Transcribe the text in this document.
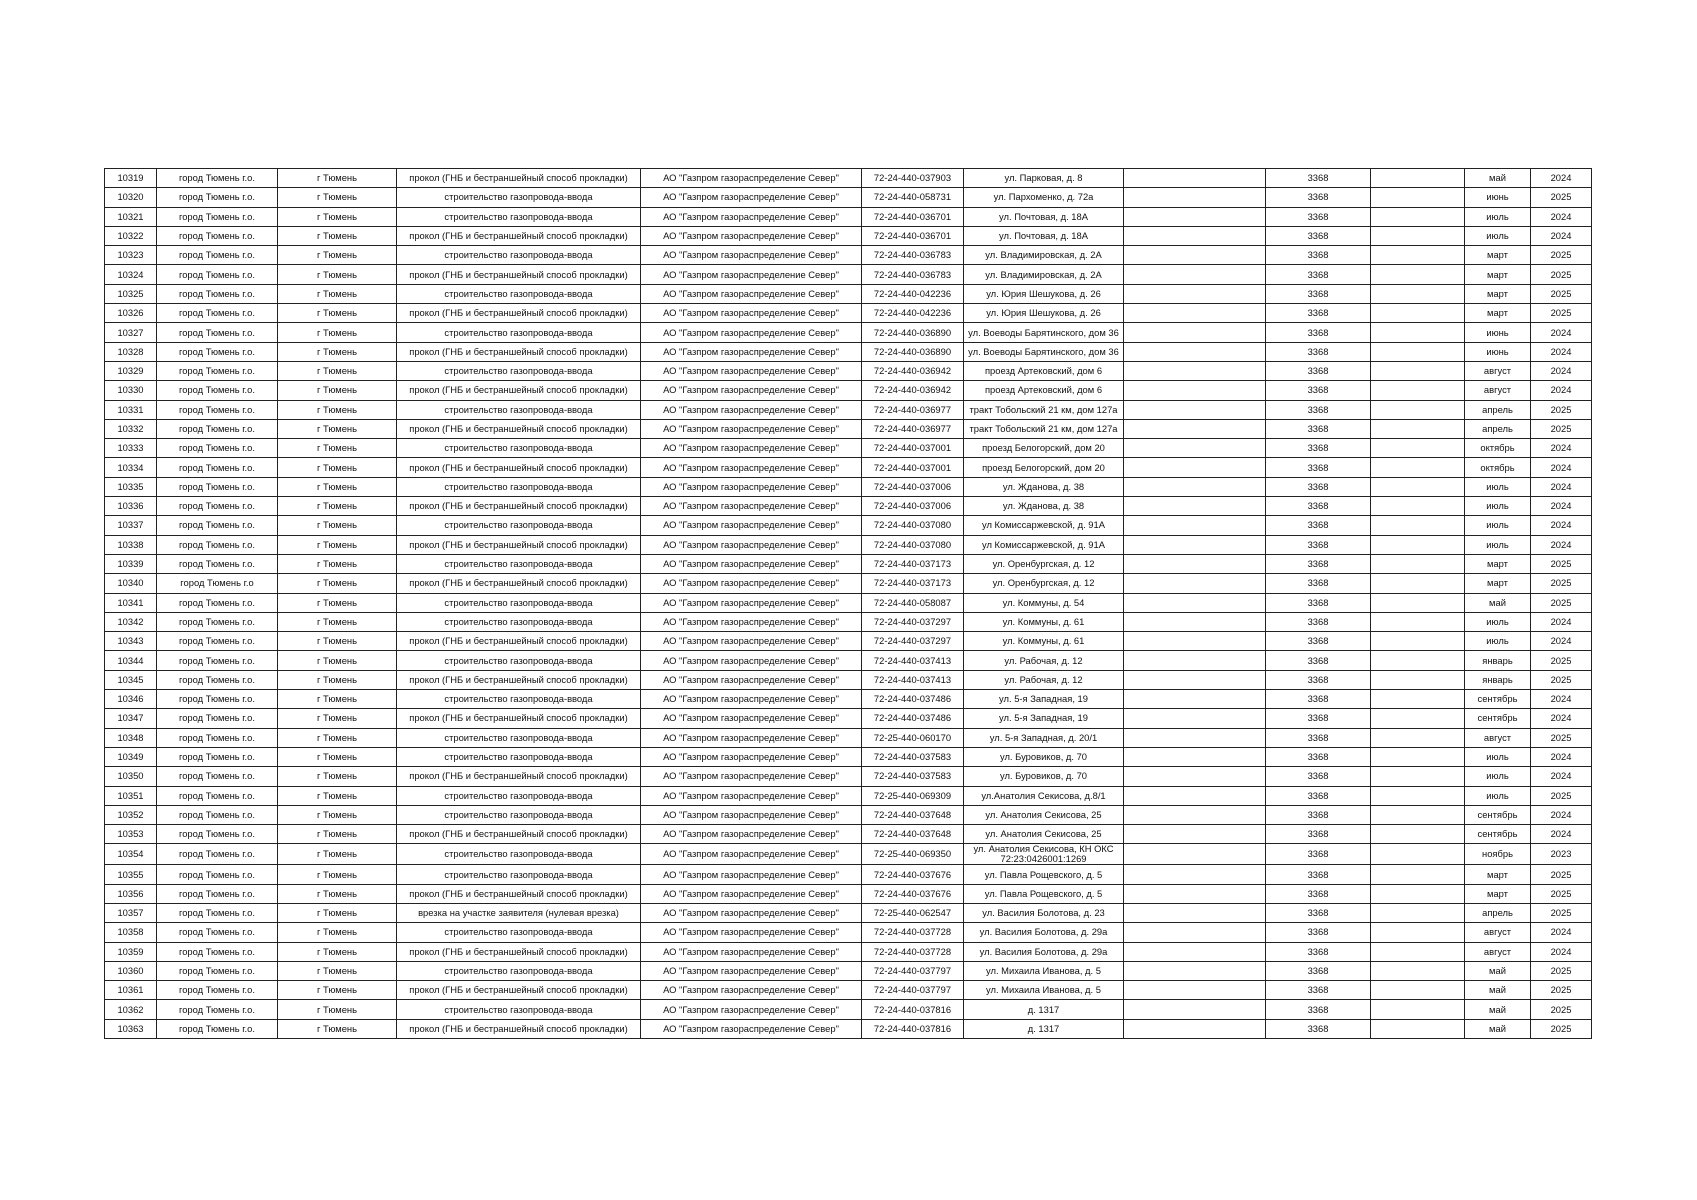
10319	город Тюмень г.о.	г Тюмень	прокол (ГНБ и бестраншейный способ прокладки)	АО "Газпром газораспределение Север"	72-24-440-037903	ул. Парковая, д. 8		3368		май	2024
10320	город Тюмень г.о.	г Тюмень	строительство газопровода-ввода	АО "Газпром газораспределение Север"	72-24-440-058731	ул. Пархоменко, д. 72а		3368		июнь	2025
10321	город Тюмень г.о.	г Тюмень	строительство газопровода-ввода	АО "Газпром газораспределение Север"	72-24-440-036701	ул. Почтовая, д. 18А		3368		июль	2024
10322	город Тюмень г.о.	г Тюмень	прокол (ГНБ и бестраншейный способ прокладки)	АО "Газпром газораспределение Север"	72-24-440-036701	ул. Почтовая, д. 18А		3368		июль	2024
10323	город Тюмень г.о.	г Тюмень	строительство газопровода-ввода	АО "Газпром газораспределение Север"	72-24-440-036783	ул. Владимировская, д. 2А		3368		март	2025
10324	город Тюмень г.о.	г Тюмень	прокол (ГНБ и бестраншейный способ прокладки)	АО "Газпром газораспределение Север"	72-24-440-036783	ул. Владимировская, д. 2А		3368		март	2025
10325	город Тюмень г.о.	г Тюмень	строительство газопровода-ввода	АО "Газпром газораспределение Север"	72-24-440-042236	ул. Юрия Шешукова, д. 26		3368		март	2025
10326	город Тюмень г.о.	г Тюмень	прокол (ГНБ и бестраншейный способ прокладки)	АО "Газпром газораспределение Север"	72-24-440-042236	ул. Юрия Шешукова, д. 26		3368		март	2025
10327	город Тюмень г.о.	г Тюмень	строительство газопровода-ввода	АО "Газпром газораспределение Север"	72-24-440-036890	ул. Воеводы Барятинского, дом 36		3368		июнь	2024
10328	город Тюмень г.о.	г Тюмень	прокол (ГНБ и бестраншейный способ прокладки)	АО "Газпром газораспределение Север"	72-24-440-036890	ул. Воеводы Барятинского, дом 36		3368		июнь	2024
10329	город Тюмень г.о.	г Тюмень	строительство газопровода-ввода	АО "Газпром газораспределение Север"	72-24-440-036942	проезд Артековский, дом 6		3368		август	2024
10330	город Тюмень г.о.	г Тюмень	прокол (ГНБ и бестраншейный способ прокладки)	АО "Газпром газораспределение Север"	72-24-440-036942	проезд Артековский, дом 6		3368		август	2024
10331	город Тюмень г.о.	г Тюмень	строительство газопровода-ввода	АО "Газпром газораспределение Север"	72-24-440-036977	тракт Тобольский 21 км, дом 127а		3368		апрель	2025
10332	город Тюмень г.о.	г Тюмень	прокол (ГНБ и бестраншейный способ прокладки)	АО "Газпром газораспределение Север"	72-24-440-036977	тракт Тобольский 21 км, дом 127а		3368		апрель	2025
10333	город Тюмень г.о.	г Тюмень	строительство газопровода-ввода	АО "Газпром газораспределение Север"	72-24-440-037001	проезд Белогорский, дом 20		3368		октябрь	2024
10334	город Тюмень г.о.	г Тюмень	прокол (ГНБ и бестраншейный способ прокладки)	АО "Газпром газораспределение Север"	72-24-440-037001	проезд Белогорский, дом 20		3368		октябрь	2024
10335	город Тюмень г.о.	г Тюмень	строительство газопровода-ввода	АО "Газпром газораспределение Север"	72-24-440-037006	ул. Жданова, д. 38		3368		июль	2024
10336	город Тюмень г.о.	г Тюмень	прокол (ГНБ и бестраншейный способ прокладки)	АО "Газпром газораспределение Север"	72-24-440-037006	ул. Жданова, д. 38		3368		июль	2024
10337	город Тюмень г.о.	г Тюмень	строительство газопровода-ввода	АО "Газпром газораспределение Север"	72-24-440-037080	ул Комиссаржевской, д. 91А		3368		июль	2024
10338	город Тюмень г.о.	г Тюмень	прокол (ГНБ и бестраншейный способ прокладки)	АО "Газпром газораспределение Север"	72-24-440-037080	ул Комиссаржевской, д. 91А		3368		июль	2024
10339	город Тюмень г.о.	г Тюмень	строительство газопровода-ввода	АО "Газпром газораспределение Север"	72-24-440-037173	ул. Оренбургская, д. 12		3368		март	2025
10340	город Тюмень г.о	г Тюмень	прокол (ГНБ и бестраншейный способ прокладки)	АО "Газпром газораспределение Север"	72-24-440-037173	ул. Оренбургская, д. 12		3368		март	2025
10341	город Тюмень г.о.	г Тюмень	строительство газопровода-ввода	АО "Газпром газораспределение Север"	72-24-440-058087	ул. Коммуны, д. 54		3368		май	2025
10342	город Тюмень г.о.	г Тюмень	строительство газопровода-ввода	АО "Газпром газораспределение Север"	72-24-440-037297	ул. Коммуны, д. 61		3368		июль	2024
10343	город Тюмень г.о.	г Тюмень	прокол (ГНБ и бестраншейный способ прокладки)	АО "Газпром газораспределение Север"	72-24-440-037297	ул. Коммуны, д. 61		3368		июль	2024
10344	город Тюмень г.о.	г Тюмень	строительство газопровода-ввода	АО "Газпром газораспределение Север"	72-24-440-037413	ул. Рабочая, д. 12		3368		январь	2025
10345	город Тюмень г.о.	г Тюмень	прокол (ГНБ и бестраншейный способ прокладки)	АО "Газпром газораспределение Север"	72-24-440-037413	ул. Рабочая, д. 12		3368		январь	2025
10346	город Тюмень г.о.	г Тюмень	строительство газопровода-ввода	АО "Газпром газораспределение Север"	72-24-440-037486	ул. 5-я Западная, 19		3368		сентябрь	2024
10347	город Тюмень г.о.	г Тюмень	прокол (ГНБ и бестраншейный способ прокладки)	АО "Газпром газораспределение Север"	72-24-440-037486	ул. 5-я Западная, 19		3368		сентябрь	2024
10348	город Тюмень г.о.	г Тюмень	строительство газопровода-ввода	АО "Газпром газораспределение Север"	72-25-440-060170	ул. 5-я Западная, д. 20/1		3368		август	2025
10349	город Тюмень г.о.	г Тюмень	строительство газопровода-ввода	АО "Газпром газораспределение Север"	72-24-440-037583	ул. Буровиков, д. 70		3368		июль	2024
10350	город Тюмень г.о.	г Тюмень	прокол (ГНБ и бестраншейный способ прокладки)	АО "Газпром газораспределение Север"	72-24-440-037583	ул. Буровиков, д. 70		3368		июль	2024
10351	город Тюмень г.о.	г Тюмень	строительство газопровода-ввода	АО "Газпром газораспределение Север"	72-25-440-069309	ул.Анатолия Секисова, д.8/1		3368		июль	2025
10352	город Тюмень г.о.	г Тюмень	строительство газопровода-ввода	АО "Газпром газораспределение Север"	72-24-440-037648	ул. Анатолия Секисова, 25		3368		сентябрь	2024
10353	город Тюмень г.о.	г Тюмень	прокол (ГНБ и бестраншейный способ прокладки)	АО "Газпром газораспределение Север"	72-24-440-037648	ул. Анатолия Секисова, 25		3368		сентябрь	2024
10354	город Тюмень г.о.	г Тюмень	строительство газопровода-ввода	АО "Газпром газораспределение Север"	72-25-440-069350	ул. Анатолия Секисова, КН ОКС 72:23:0426001:1269		3368		ноябрь	2023
10355	город Тюмень г.о.	г Тюмень	строительство газопровода-ввода	АО "Газпром газораспределение Север"	72-24-440-037676	ул. Павла Рощевского, д. 5		3368		март	2025
10356	город Тюмень г.о.	г Тюмень	прокол (ГНБ и бестраншейный способ прокладки)	АО "Газпром газораспределение Север"	72-24-440-037676	ул. Павла Рощевского, д. 5		3368		март	2025
10357	город Тюмень г.о.	г Тюмень	врезка на участке заявителя (нулевая врезка)	АО "Газпром газораспределение Север"	72-25-440-062547	ул. Василия Болотова, д. 23		3368		апрель	2025
10358	город Тюмень г.о.	г Тюмень	строительство газопровода-ввода	АО "Газпром газораспределение Север"	72-24-440-037728	ул. Василия Болотова, д. 29а		3368		август	2024
10359	город Тюмень г.о.	г Тюмень	прокол (ГНБ и бестраншейный способ прокладки)	АО "Газпром газораспределение Север"	72-24-440-037728	ул. Василия Болотова, д. 29а		3368		август	2024
10360	город Тюмень г.о.	г Тюмень	строительство газопровода-ввода	АО "Газпром газораспределение Север"	72-24-440-037797	ул. Михаила Иванова, д. 5		3368		май	2025
10361	город Тюмень г.о.	г Тюмень	прокол (ГНБ и бестраншейный способ прокладки)	АО "Газпром газораспределение Север"	72-24-440-037797	ул. Михаила Иванова, д. 5		3368		май	2025
10362	город Тюмень г.о.	г Тюмень	строительство газопровода-ввода	АО "Газпром газораспределение Север"	72-24-440-037816	д. 1317		3368		май	2025
10363	город Тюмень г.о.	г Тюмень	прокол (ГНБ и бестраншейный способ прокладки)	АО "Газпром газораспределение Север"	72-24-440-037816	д. 1317		3368		май	2025
